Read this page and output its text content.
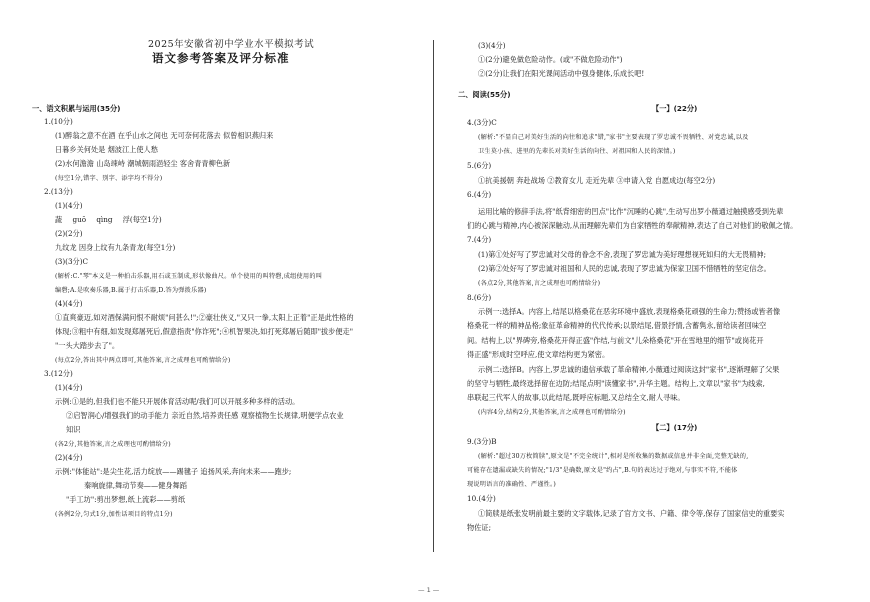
2025年安徽省初中学业水平模拟考试
语文参考答案及评分标准
一、语文积累与运用(35分)
1.(10分)
(1)醉翁之意不在酒 在乎山水之间也 无可奈何花落去 似曾相识燕归来
日暮乡关何处是 烟波江上使人愁
(2)水何澹澹 山岛竦峙 潮城朝雨浥轻尘 客舍青青柳色新
(每空1分,错字、别字、添字均不得分)
2.(13分)
(1)(4分)
蔬 guō qìng 浮(每空1分)
(2)(2分)
九纹龙 因身上纹有九条青龙(每空1分)
(3)(3分)C
(解析:C."琴"本义是一种拍击乐器,用石或玉制成,形状像曲尺。单个使用的叫特磬,成组使用的叫
编磬;A.是吹奏乐器,B.属于打击乐器,D.答为弹拨乐器)
(4)(4分)
①直爽豪迈,如对酒保满问恨不耐烦"问甚么!";②豪壮侠义,"又只一拳,太阳上正着"正是此性格的
体现;③粗中有细,如发现郑屠死后,假意指责"你诈死";④机智果决,如打死郑屠后随即"拔步便走"
"一头大踏步去了"。
(每点2分,答出其中两点即可,其他答案,言之成理也可酌情给分)
3.(12分)
(1)(4分)
示例:①是的,但我们也不能只开展体育活动呢/我们可以开展多种多样的活动。
②启智润心/增强我们的动手能力 亲近自然,培养责任感 观察植物生长规律,明便学点农业
知识
(各2分,其他答案,言之成理也可酌情给分)
(2)(4分)
示例:"体能站":是尖生花,活力绽放——踢毽子 追扬风采,奔向未来——跑步;
秦响旋律,舞动节奏——健身舞蹈
"手工坊":剪出梦想,纸上流彩——剪纸
(各例2分,匀式1分,加性话项目的特点1分)
(3)(4分)
①(2分)避免做危险动作。(或"不做危险动作")
②(2分)让我们在阳光课间活动中强身健体,乐成长吧!
二、阅读(55分)
【一】(22分)
4.(3分)C
(解析:"不显自己对美好生活的向往和追求"错,"家书"主要表现了罗忠诚不畏牺牲、对党忠诚,以及
卫生莫小孩、进里的先辈长对美好生活的向往、对祖国和人民的深情。)
5.(6分)
①抗美援朝 奔赴战场 ②教育女儿 走近先辈 ③申请入党 自愿成边(每空2分)
6.(4分)
运用比喻的修辞手法,将"纸背细密的凹点"比作"沉睡的心跳",生动写出罗小薇通过触摸感受到先辈
们的心跳与精神,内心被深深触动,从而理解先辈们为自家牺牲的奉献精神,表达了自己对他们的敬佩之情。
7.(4分)
(1)第①处好写了罗忠诚对父母的眷念不舍,表现了罗忠诚为美好理想视死如归的大无畏精神;
(2)第②处好写了罗忠诚对祖国和人民的忠诚,表现了罗忠诚为保家卫国不惜牺牲的坚定信念。
(各点2分,其他答案,言之成理也可酌情给分)
8.(6分)
示例一:选择A。内容上,结尾以格桑花在恶劣环境中盛放,表现格桑花顽强的生命力;赞扬或皆者像
格桑花一样的精神品格;象征革命精神的代代传承;以景结尾,借景抒情,含蓄隽永,留给读者回味空
间。结构上,以"界碑旁,格桑花开得正盛"作结,与前文"儿朵格桑花"开在雪地里的细节"或岗花开
得正盛"形成时空呼应,使文章结构更为紧密。
示例二:选择B。内容上,罗忠诚的遗信承载了革命精神,小薇通过阅读这封"家书",逐渐理解了父果
的坚守与牺牲,最终选择留在边防;结尾点明"读懂家书",升华主题。结构上,文章以"家书"为线索,
串联起三代军人的故事,以此结尾,既呼应标题,又总结全文,耐人寻味。
(内容4分,结构2分,其他答案,言之成理也可酌情给分)
【二】(17分)
9.(3分)B
(解析:"超过30万枚简牍",原文是"不完全统计",相对是所收集的数据或信息并非全面,完整无缺的,
可能存在遗漏或缺失的情况;"1/3"是确数,原文是"约占",B.句的表达过于绝对,与事实不符,不能体
现说明语言的准确性、严谨性。)
10.(4分)
①简牍是纸张发明前最主要的文字载体,记录了官方文书、户籍、律令等,保存了国家信史的重要实
物佐证;
— 1 —
